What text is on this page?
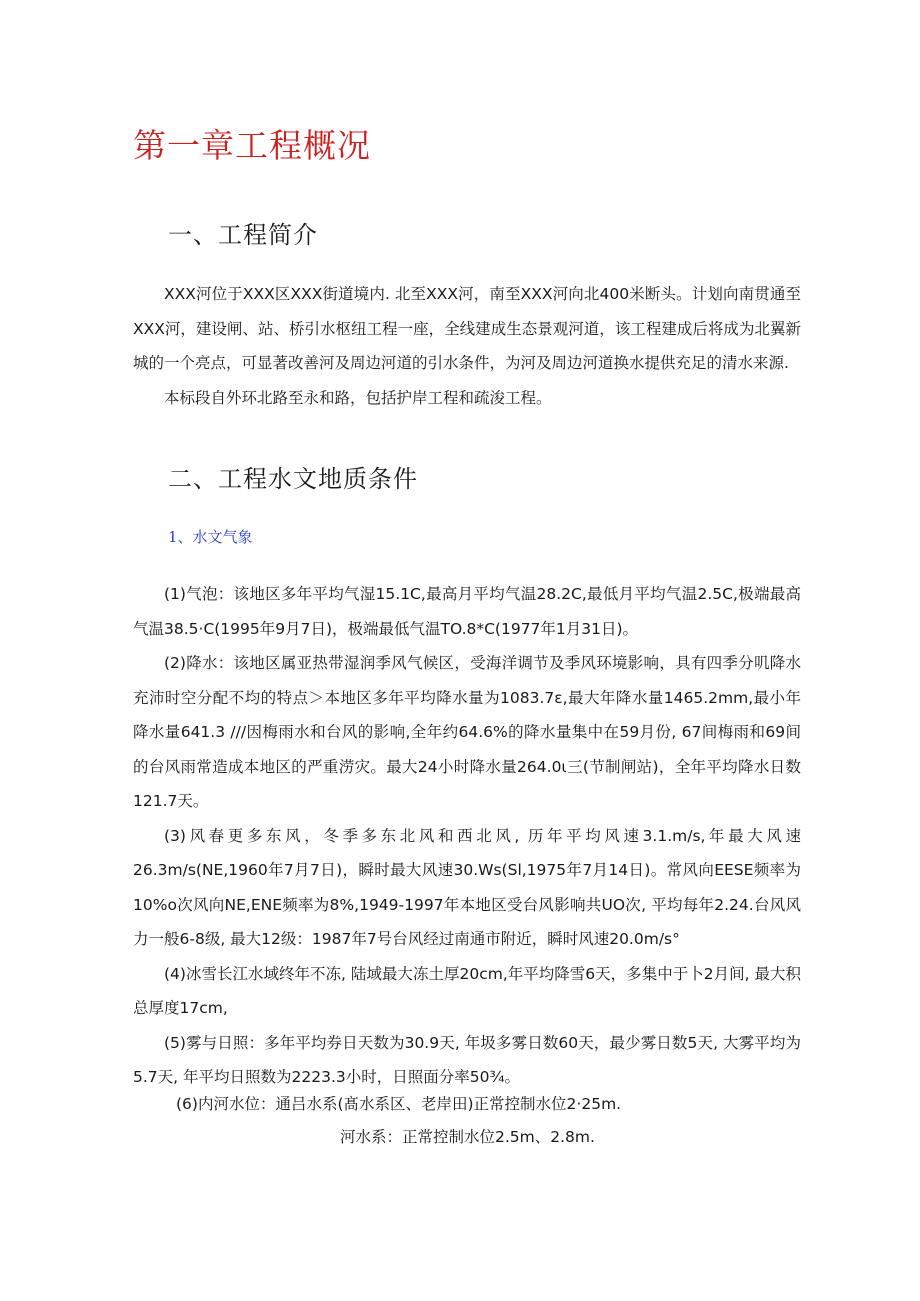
第一章工程概况
一、工程简介
XXX河位于XXX区XXX街道境内. 北至XXX河，南至XXX河向北400米断头。计划向南贯通至XXX河，建设闸、站、桥引水枢纽工程一座，全线建成生态景观河道，该工程建成后将成为北翼新城的一个亮点，可显著改善河及周边河道的引水条件，为河及周边河道换水提供充足的清水来源.
本标段自外环北路至永和路，包括护岸工程和疏浚工程。
二、工程水文地质条件
1、水文气象
(1)气泡：该地区多年平均气湿15.1C,最高月平均气温28.2C,最低月平均气温2.5C,极端最高气温38.5·C(1995年9月7日)，极端最低气温TO.8*C(1977年1月31日)。
(2)降水：该地区属亚热带湿润季风气候区，受海洋调节及季风环境影响，具有四季分叽降水充沛时空分配不均的特点＞本地区多年平均降水量为1083.7ε,最大年降水量1465.2mm,最小年降水量641.3 ///因梅雨水和台风的影响,全年约64.6%的降水量集中在59月份, 67间梅雨和69间的台风雨常造成本地区的严重涝灾。最大24小时降水量264.0ι三(节制闸站)，全年平均降水日数121.7天。
(3)风春更多东风，冬季多东北风和西北风, 历年平均风速3.1.m/s,年最大风速26.3m/s(NE,1960年7月7日)，瞬时最大风速30.Ws(Sl,1975年7月14日)。常风向EESE频率为10%o次风向NE,ENE频率为8%,1949-1997年本地区受台风影响共UO次, 平均每年2.24.台风风力一般6-8级, 最大12级：1987年7号台风经过南通市附近，瞬时风速20.0m/s°
(4)冰雪长江水域终年不冻, 陆域最大冻土厚20cm,年平均降雪6天，多集中于卜2月间, 最大积总厚度17cm,
(5)雾与日照：多年平均券日天数为30.9天, 年圾多雾日数60天，最少雾日数5天, 大雾平均为5.7天, 年平均日照数为2223.3小时，日照面分率50¾。

(6)内河水位：通吕水系(髙水系区、老岸田)正常控制水位2·25m.

河水系：正常控制水位2.5m、2.8m.
